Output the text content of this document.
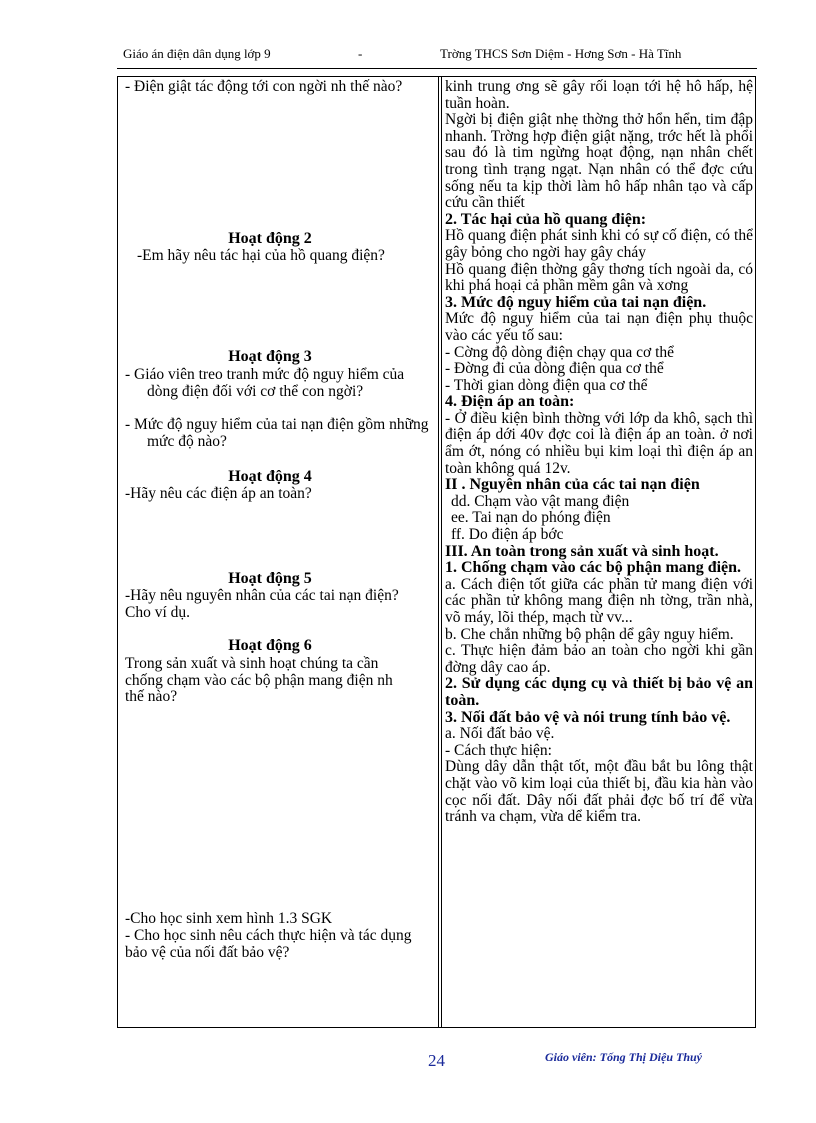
Giáo án điện dân dụng lớp 9	-	Trờng THCS Sơn Diệm - Hơng Sơn - Hà Tĩnh
- Điện giật tác động tới con ngời nh thế nào?
Hoạt động 2
-Em hãy nêu tác hại của hồ quang điện?
Hoạt động 3
- Giáo viên treo tranh mức độ nguy hiểm của dòng điện đối với cơ thể con ngời?
- Mức độ nguy hiểm của tai nạn điện gồm những mức độ nào?
Hoạt động 4
-Hãy nêu các điện áp an toàn?
Hoạt động 5
-Hãy nêu nguyên nhân của các tai nạn điện? Cho ví dụ.
Hoạt động 6
Trong sản xuất và sinh hoạt chúng ta cần chống chạm vào các bộ phận mang điện nh thế nào?
-Cho học sinh xem hình 1.3 SGK
- Cho học sinh nêu cách thực hiện và tác dụng bảo vệ của nối đất bảo vệ?

kinh trung ơng sẽ gây rối loạn tới hệ hô hấp, hệ tuần hoàn.

Ngời bị điện giật nhẹ thờng thở hổn hển, tim đập nhanh. Trờng hợp điện giật nặng, trớc hết là phổi sau đó là tim ngừng hoạt động, nạn nhân chết trong tình trạng ngạt. Nạn nhân có thể đợc cứu sống nếu ta kịp thời làm hô hấp nhân tạo và cấp cứu cần thiết

2. Tác hại của hồ quang điện:

Hồ quang điện phát sinh khi có sự cố điện, có thể gây bỏng cho ngời hay gây cháy

Hồ quang điện thờng gây thơng tích ngoài da, có khi phá hoại cả phần mềm gân và xơng

3. Mức độ nguy hiểm của tai nạn điện.

Mức độ nguy hiểm của tai nạn điện phụ thuộc vào các yếu tố sau:

- Cờng độ dòng điện chạy qua cơ thể

- Đờng đi của dòng điện qua cơ thể

- Thời gian dòng điện qua cơ thể

4. Điện áp an toàn:

- Ở điều kiện bình thờng với lớp da khô, sạch thì điện áp dới 40v đợc coi là điện áp an toàn. ở nơi ẩm ớt, nóng có nhiều bụi kim loại thì điện áp an toàn không quá 12v.

II . Nguyên nhân của các tai nạn điện

dd. Chạm vào vật mang điện

ee. Tai nạn do phóng điện

ff. Do điện áp bớc

III. An toàn trong sản xuất và sinh hoạt.

1. Chống chạm vào các bộ phận mang điện.

a. Cách điện tốt giữa các phần tử mang điện với các phần tử không mang điện nh tờng, trần nhà, võ máy, lõi thép, mạch từ vv...

b. Che chắn những bộ phận dể gây nguy hiểm.

c. Thực hiện đảm bảo an toàn cho ngời khi gần đờng dây cao áp.

2. Sử dụng các dụng cụ và thiết bị bảo vệ an toàn.

3. Nối đất bảo vệ và nói trung tính bảo vệ.

a. Nối đất bảo vệ.

- Cách thực hiện:

Dùng dây dẫn thật tốt, một đầu bắt bu lông thật chặt vào võ kim loại của thiết bị, đầu kia hàn vào cọc nối đất. Dây nối đất phải đợc bố trí để vừa tránh va chạm, vừa dể kiểm tra.

24	Giáo viên: Tống Thị Diệu Thuý
